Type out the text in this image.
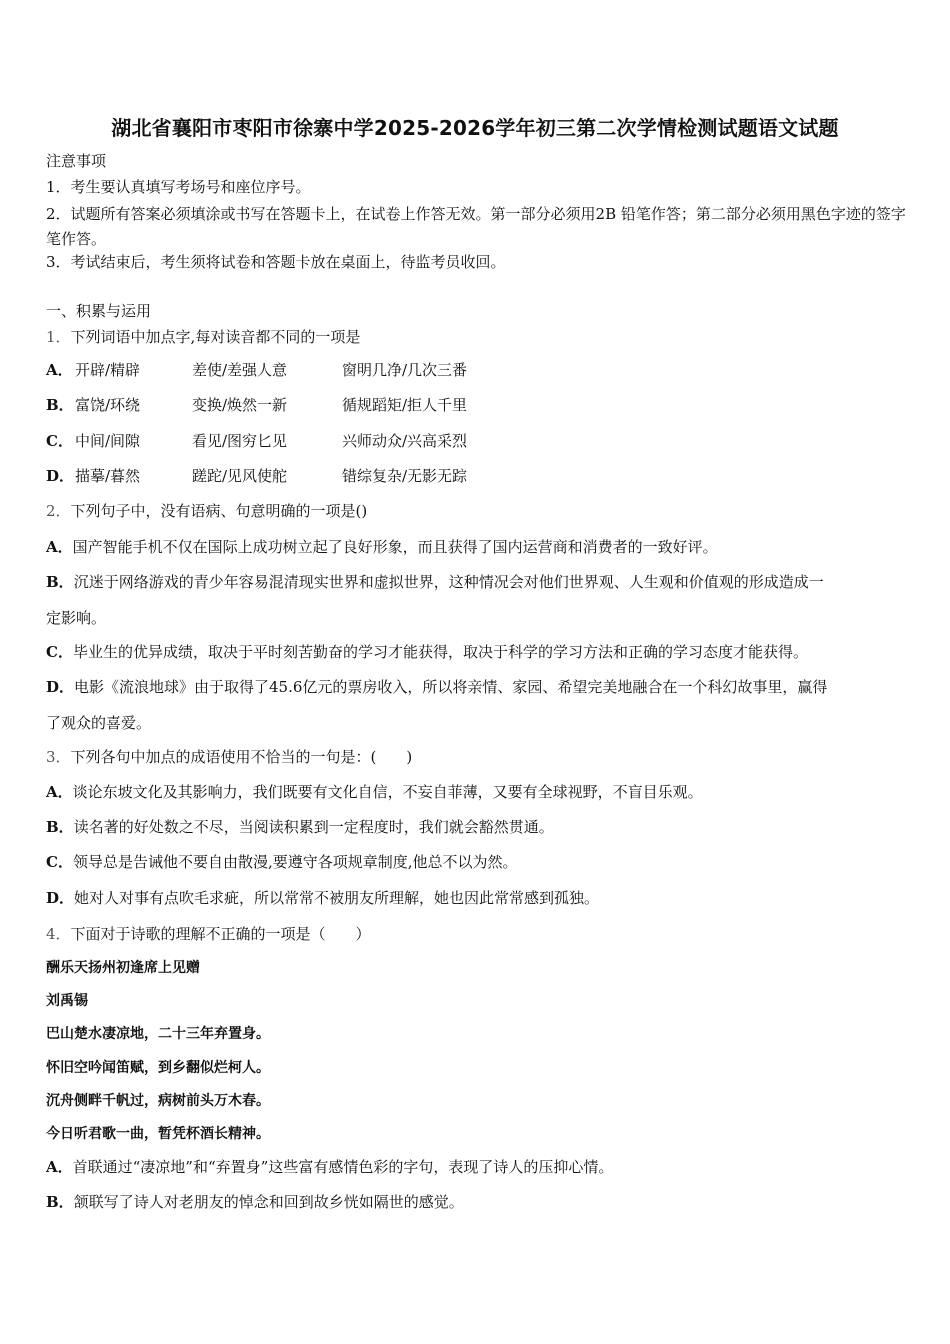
湖北省襄阳市枣阳市徐寨中学2025-2026学年初三第二次学情检测试题语文试题
注意事项
1．考生要认真填写考场号和座位序号。
2．试题所有答案必须填涂或书写在答题卡上，在试卷上作答无效。第一部分必须用2B 铅笔作答；第二部分必须用黑色字迹的签字笔作答。
3．考试结束后，考生须将试卷和答题卡放在桌面上，待监考员收回。
一、积累与运用
1．下列词语中加点字,每对读音都不同的一项是
A． 开辟/精辟	差使/差强人意	窗明几净/几次三番
B． 富饶/环绕	变换/焕然一新	循规蹈矩/拒人千里
C． 中间/间隙	看见/图穷匕见	兴师动众/兴高采烈
D． 描摹/暮然	蹉跎/见风使舵	错综复杂/无影无踪
2．下列句子中，没有语病、句意明确的一项是()
A．国产智能手机不仅在国际上成功树立起了良好形象，而且获得了国内运营商和消费者的一致好评。
B．沉迷于网络游戏的青少年容易混清现实世界和虚拟世界，这种情况会对他们世界观、人生观和价值观的形成造成一
定影响。
C．毕业生的优异成绩，取决于平时刻苦勤奋的学习才能获得，取决于科学的学习方法和正确的学习态度才能获得。
D．电影《流浪地球》由于取得了45.6亿元的票房收入，所以将亲情、家园、希望完美地融合在一个科幻故事里，赢得
了观众的喜爱。
3．下列各句中加点的成语使用不恰当的一句是：(　　)
A．谈论东坡文化及其影响力，我们既要有文化自信，不妄自菲薄，又要有全球视野，不盲目乐观。
B．读名著的好处数之不尽，当阅读积累到一定程度时，我们就会豁然贯通。
C．领导总是告诫他不要自由散漫,要遵守各项规章制度,他总不以为然。
D．她对人对事有点吹毛求疵，所以常常不被朋友所理解，她也因此常常感到孤独。
4．下面对于诗歌的理解不正确的一项是（　　）
酬乐天扬州初逢席上见赠
刘禹锡
巴山楚水凄凉地，二十三年弃置身。
怀旧空吟闻笛赋，到乡翻似烂柯人。
沉舟侧畔千帆过，病树前头万木春。
今日听君歌一曲，暂凭杯酒长精神。
A．首联通过“凄凉地”和“弃置身”这些富有感情色彩的字句，表现了诗人的压抑心情。
B．颔联写了诗人对老朋友的悼念和回到故乡恍如隔世的感觉。
